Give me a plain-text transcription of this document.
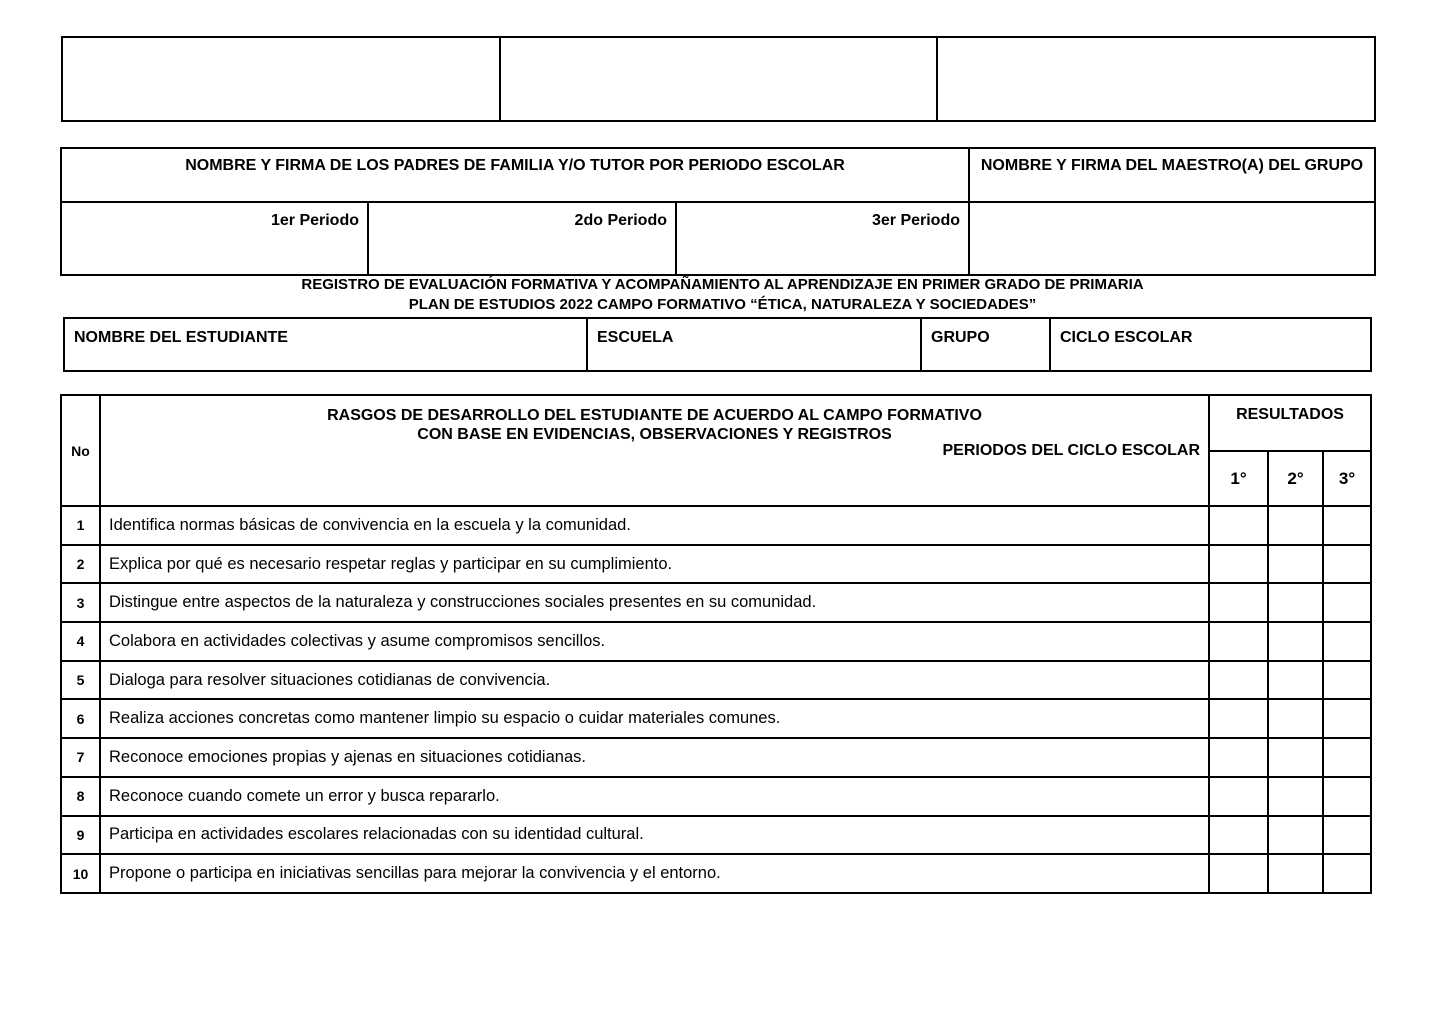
NOMBRE Y FIRMA DE LOS PADRES DE FAMILIA Y/O TUTOR POR PERIODO ESCOLAR	NOMBRE Y FIRMA DEL MAESTRO(A) DEL GRUPO
1er Periodo	2do Periodo	3er Periodo
REGISTRO DE EVALUACIÓN FORMATIVA Y ACOMPAÑAMIENTO AL APRENDIZAJE EN PRIMER GRADO DE PRIMARIA
PLAN DE ESTUDIOS 2022 CAMPO FORMATIVO “ÉTICA, NATURALEZA Y SOCIEDADES”
NOMBRE DEL ESTUDIANTE	ESCUELA	GRUPO	CICLO ESCOLAR
No	RASGOS DE DESARROLLO DEL ESTUDIANTE DE ACUERDO AL CAMPO FORMATIVO
CON BASE EN EVIDENCIAS, OBSERVACIONES Y REGISTROS
PERIODOS DEL CICLO ESCOLAR	RESULTADOS		
		1°	2°	3°
1	Identifica normas básicas de convivencia en la escuela y la comunidad.			
2	Explica por qué es necesario respetar reglas y participar en su cumplimiento.			
3	Distingue entre aspectos de la naturaleza y construcciones sociales presentes en su comunidad.			
4	Colabora en actividades colectivas y asume compromisos sencillos.			
5	Dialoga para resolver situaciones cotidianas de convivencia.			
6	Realiza acciones concretas como mantener limpio su espacio o cuidar materiales comunes.			
7	Reconoce emociones propias y ajenas en situaciones cotidianas.			
8	Reconoce cuando comete un error y busca repararlo.			
9	Participa en actividades escolares relacionadas con su identidad cultural.			
10	Propone o participa en iniciativas sencillas para mejorar la convivencia y el entorno.			
